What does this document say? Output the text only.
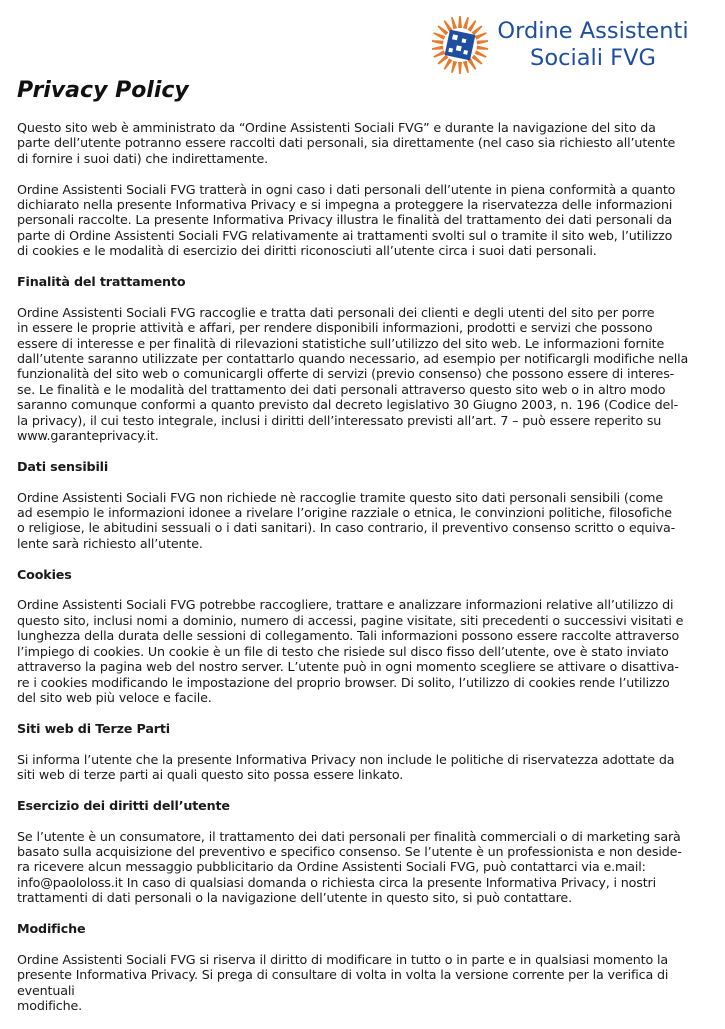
Ordine Assistenti
Sociali FVG
Privacy Policy

Questo sito web è amministrato da “Ordine Assistenti Sociali FVG” e durante la navigazione del sito da
parte dell’utente potranno essere raccolti dati personali, sia direttamente (nel caso sia richiesto all’utente
di fornire i suoi dati) che indirettamente.

Ordine Assistenti Sociali FVG tratterà in ogni caso i dati personali dell’utente in piena conformità a quanto
dichiarato nella presente Informativa Privacy e si impegna a proteggere la riservatezza delle informazioni
personali raccolte. La presente Informativa Privacy illustra le finalità del trattamento dei dati personali da
parte di Ordine Assistenti Sociali FVG relativamente ai trattamenti svolti sul o tramite il sito web, l’utilizzo
di cookies e le modalità di esercizio dei diritti riconosciuti all’utente circa i suoi dati personali.

Finalità del trattamento

Ordine Assistenti Sociali FVG raccoglie e tratta dati personali dei clienti e degli utenti del sito per porre
in essere le proprie attività e affari, per rendere disponibili informazioni, prodotti e servizi che possono
essere di interesse e per finalità di rilevazioni statistiche sull’utilizzo del sito web. Le informazioni fornite
dall’utente saranno utilizzate per contattarlo quando necessario, ad esempio per notificargli modifiche nella
funzionalità del sito web o comunicargli offerte di servizi (previo consenso) che possono essere di interes-
se. Le finalità e le modalità del trattamento dei dati personali attraverso questo sito web o in altro modo
saranno comunque conformi a quanto previsto dal decreto legislativo 30 Giugno 2003, n. 196 (Codice del-
la privacy), il cui testo integrale, inclusi i diritti dell’interessato previsti all’art. 7 – può essere reperito su
www.garanteprivacy.it.

Dati sensibili

Ordine Assistenti Sociali FVG non richiede nè raccoglie tramite questo sito dati personali sensibili (come
ad esempio le informazioni idonee a rivelare l’origine razziale o etnica, le convinzioni politiche, filosofiche
o religiose, le abitudini sessuali o i dati sanitari). In caso contrario, il preventivo consenso scritto o equiva-
lente sarà richiesto all’utente.

Cookies

Ordine Assistenti Sociali FVG potrebbe raccogliere, trattare e analizzare informazioni relative all’utilizzo di
questo sito, inclusi nomi a dominio, numero di accessi, pagine visitate, siti precedenti o successivi visitati e
lunghezza della durata delle sessioni di collegamento. Tali informazioni possono essere raccolte attraverso
l’impiego di cookies. Un cookie è un file di testo che risiede sul disco fisso dell’utente, ove è stato inviato
attraverso la pagina web del nostro server. L’utente può in ogni momento scegliere se attivare o disattiva-
re i cookies modificando le impostazione del proprio browser. Di solito, l’utilizzo di cookies rende l’utilizzo
del sito web più veloce e facile.

Siti web di Terze Parti

Si informa l’utente che la presente Informativa Privacy non include le politiche di riservatezza adottate da
siti web di terze parti ai quali questo sito possa essere linkato.

Esercizio dei diritti dell’utente

Se l’utente è un consumatore, il trattamento dei dati personali per finalità commerciali o di marketing sarà
basato sulla acquisizione del preventivo e specifico consenso. Se l’utente è un professionista e non deside-
ra ricevere alcun messaggio pubblicitario da Ordine Assistenti Sociali FVG, può contattarci via e.mail:
info@paololoss.it In caso di qualsiasi domanda o richiesta circa la presente Informativa Privacy, i nostri
trattamenti di dati personali o la navigazione dell’utente in questo sito, si può contattare.

Modifiche

Ordine Assistenti Sociali FVG si riserva il diritto di modificare in tutto o in parte e in qualsiasi momento la
presente Informativa Privacy. Si prega di consultare di volta in volta la versione corrente per la verifica di
eventuali
modifiche.
